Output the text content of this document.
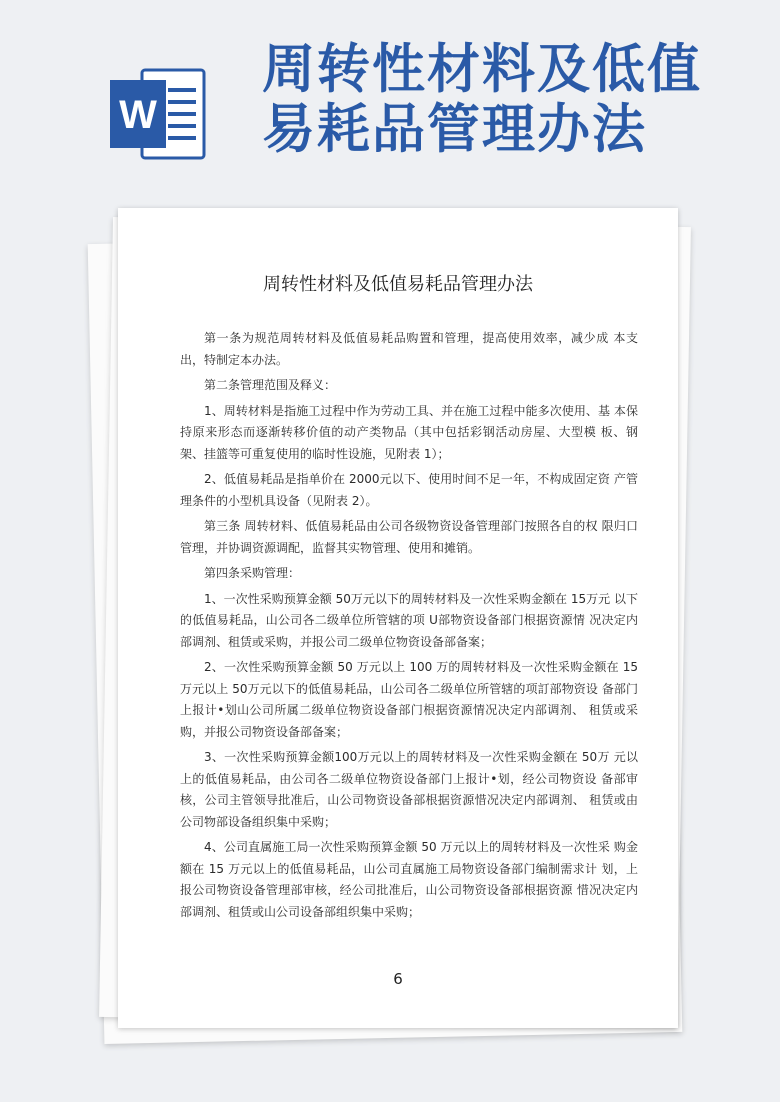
W
周转性材料及低值
易耗品管理办法
周转性材料及低值易耗品管理办法

第一条为规范周转材料及低值易耗品购置和管理，提高使用效率，减少成 本支出，特制定本办法。

第二条管理范围及释义：

1、周转材料是指施工过程中作为劳动工具、并在施工过程中能多次使用、基 本保持原来形态而逐渐转移价值的动产类物品（其中包括彩钢活动房屋、大型模 板、钢架、挂篮等可重复使用的临时性设施，见附表 1）；

2、低值易耗品是指单价在 2000元以下、使用时间不足一年，不构成固定资 产管理条件的小型机具设备（见附表 2）。

第三条 周转材料、低值易耗品由公司各级物资设备管理部门按照各自的权 限归口管理，并协调资源调配，监督其实物管理、使用和摊销。

第四条采购管理：

1、一次性采购预算金额 50万元以下的周转材料及一次性采购金额在 15万元 以下的低值易耗品，山公司各二级单位所管辖的项 U部物资设备部门根据资源情 况决定内部调剂、租赁或采购，并报公司二级单位物资设备部备案；

2、一次性采购预算金额 50 万元以上 100 万的周转材料及一次性采购金额在 15万元以上 50万元以下的低值易耗品，山公司各二级单位所管辖的项訂部物资设 备部门上报计•划山公司所属二级单位物资设备部门根据资源情况决定内部调剂、 租赁或采购，并报公司物资设备部备案；

3、一次性采购预算金额100万元以上的周转材料及一次性采购金额在 50万 元以上的低值易耗品，由公司各二级单位物资设备部门上报计•划，经公司物资设 备部审核，公司主管领导批准后，山公司物资设备部根据资源惜况决定内部调剂、 租赁或由公司物部设备组织集中采购；

4、公司直属施工局一次性采购预算金额 50 万元以上的周转材料及一次性采 购金额在 15 万元以上的低值易耗品，山公司直属施工局物资设备部门编制需求计 划，上报公司物资设备管理部审核，经公司批准后，山公司物资设备部根据资源 惜况决定内部调剂、租赁或山公司设备部组织集中采购；

6
